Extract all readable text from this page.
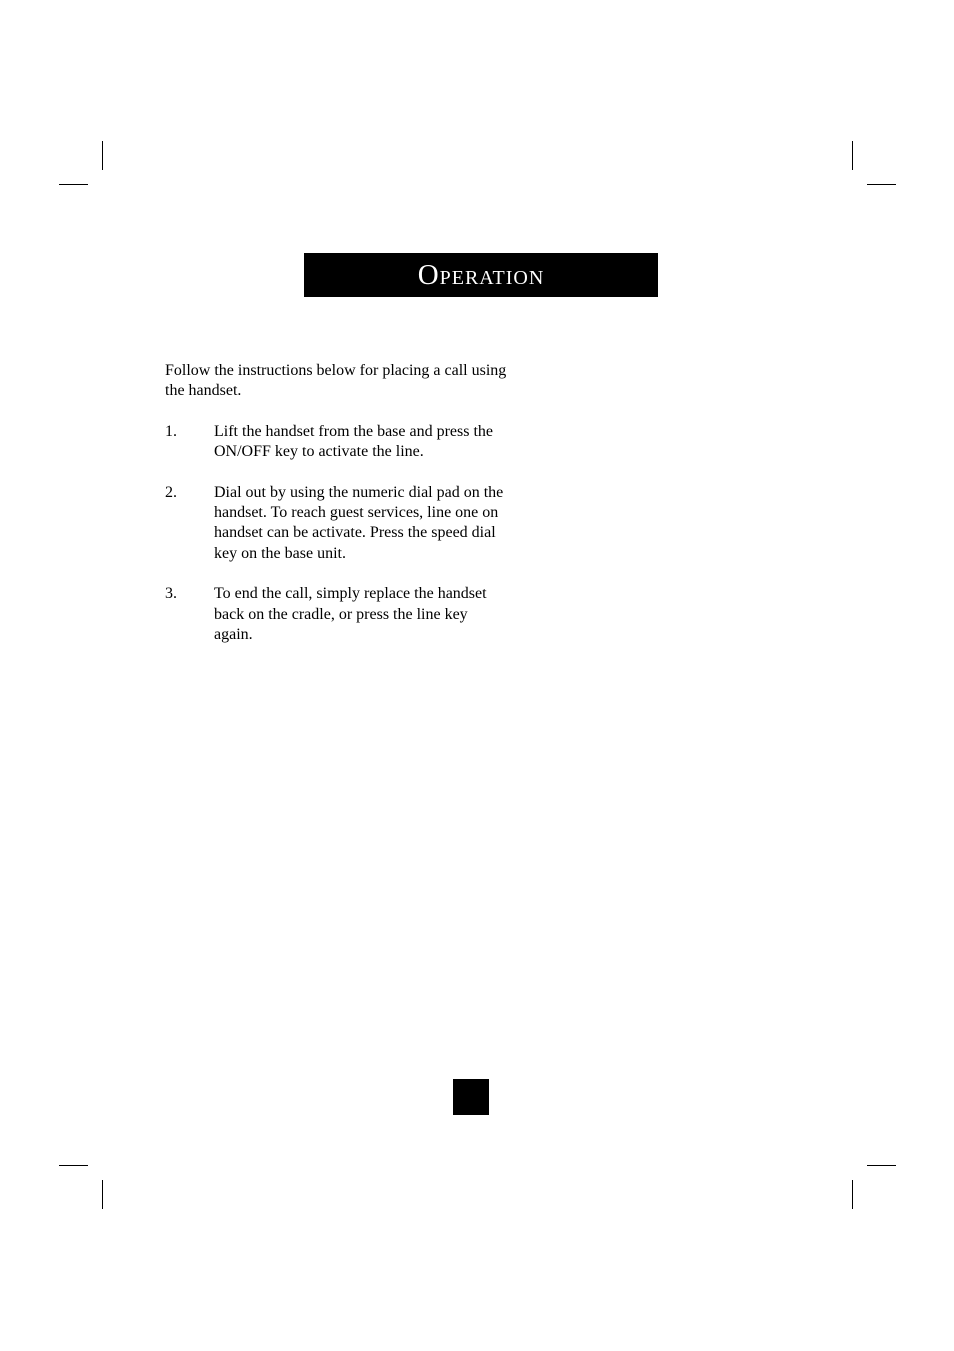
Operation

Follow the instructions below for placing a call using the handset.

1.	Lift the handset from the base and press the ON/OFF key to activate the line.
2.	Dial out by using the numeric dial pad on the handset. To reach guest services, line one on handset can be activate. Press the speed dial key on the base unit.
3.	To end the call, simply replace the handset back on the cradle, or press the line key again.
